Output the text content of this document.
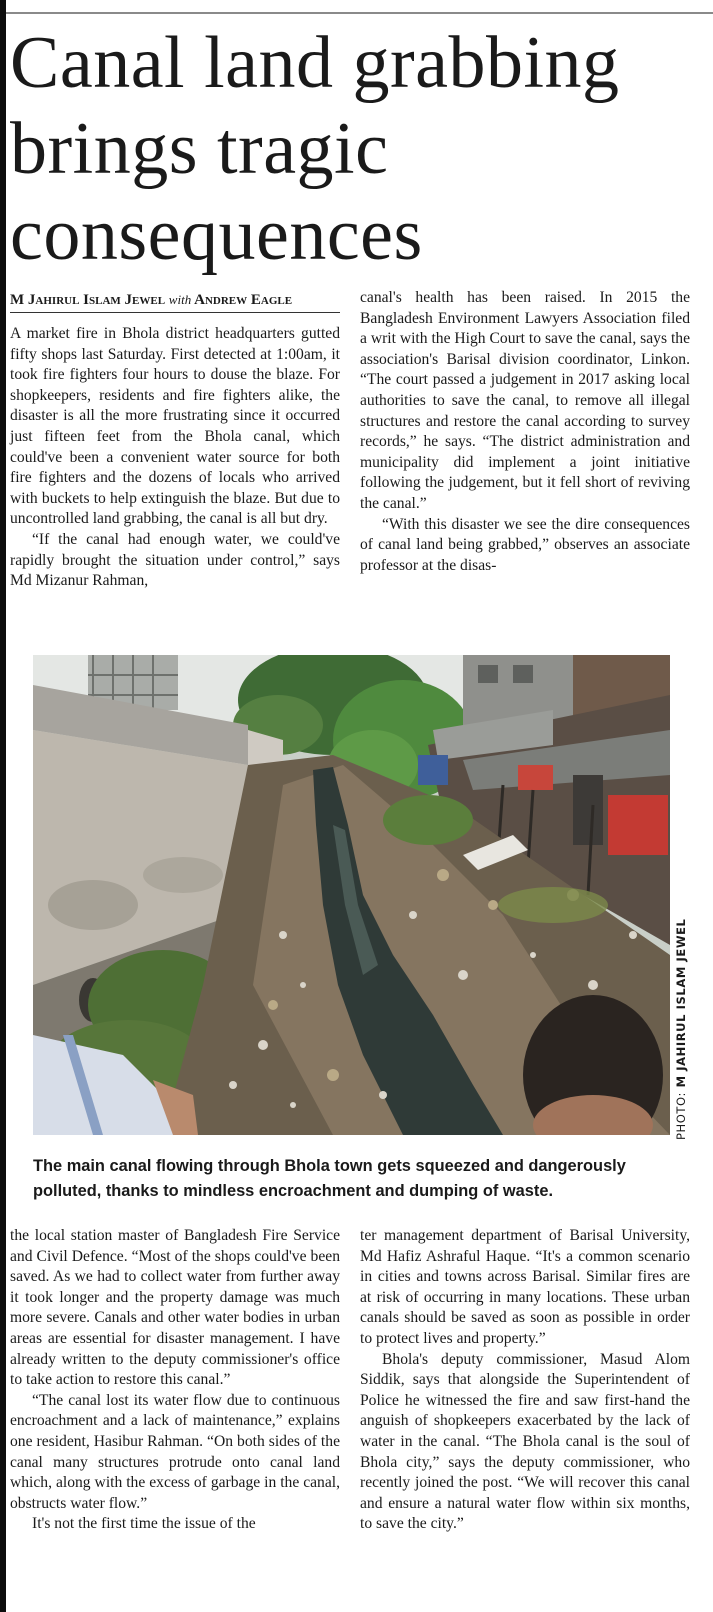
Canal land grabbing brings tragic consequences
M Jahirul Islam Jewel with Andrew Eagle

A market fire in Bhola district headquarters gutted fifty shops last Saturday. First detected at 1:00am, it took fire fighters four hours to douse the blaze. For shopkeepers, residents and fire fighters alike, the disaster is all the more frustrating since it occurred just fifteen feet from the Bhola canal, which could've been a convenient water source for both fire fighters and the dozens of locals who arrived with buckets to help extinguish the blaze. But due to uncontrolled land grabbing, the canal is all but dry.

“If the canal had enough water, we could've rapidly brought the situation under control,” says Md Mizanur Rahman,

canal's health has been raised. In 2015 the Bangladesh Environment Lawyers Association filed a writ with the High Court to save the canal, says the association's Barisal division coordinator, Linkon. “The court passed a judgement in 2017 asking local authorities to save the canal, to remove all illegal structures and restore the canal according to survey records,” he says. “The district administration and municipality did implement a joint initiative following the judgement, but it fell short of reviving the canal.”

“With this disaster we see the dire consequences of canal land being grabbed,” observes an associate professor at the disas-

PHOTO: M JAHIRUL ISLAM JEWEL

The main canal flowing through Bhola town gets squeezed and dangerously polluted, thanks to mindless encroachment and dumping of waste.

the local station master of Bangladesh Fire Service and Civil Defence. “Most of the shops could've been saved. As we had to collect water from further away it took longer and the property damage was much more severe. Canals and other water bodies in urban areas are essential for disaster management. I have already written to the deputy commissioner's office to take action to restore this canal.”

“The canal lost its water flow due to continuous encroachment and a lack of maintenance,” explains one resident, Hasibur Rahman. “On both sides of the canal many structures protrude onto canal land which, along with the excess of garbage in the canal, obstructs water flow.”

It's not the first time the issue of the

ter management department of Barisal University, Md Hafiz Ashraful Haque. “It's a common scenario in cities and towns across Barisal. Similar fires are at risk of occurring in many locations. These urban canals should be saved as soon as possible in order to protect lives and property.”

Bhola's deputy commissioner, Masud Alom Siddik, says that alongside the Superintendent of Police he witnessed the fire and saw first-hand the anguish of shopkeepers exacerbated by the lack of water in the canal. “The Bhola canal is the soul of Bhola city,” says the deputy commissioner, who recently joined the post. “We will recover this canal and ensure a natural water flow within six months, to save the city.”
